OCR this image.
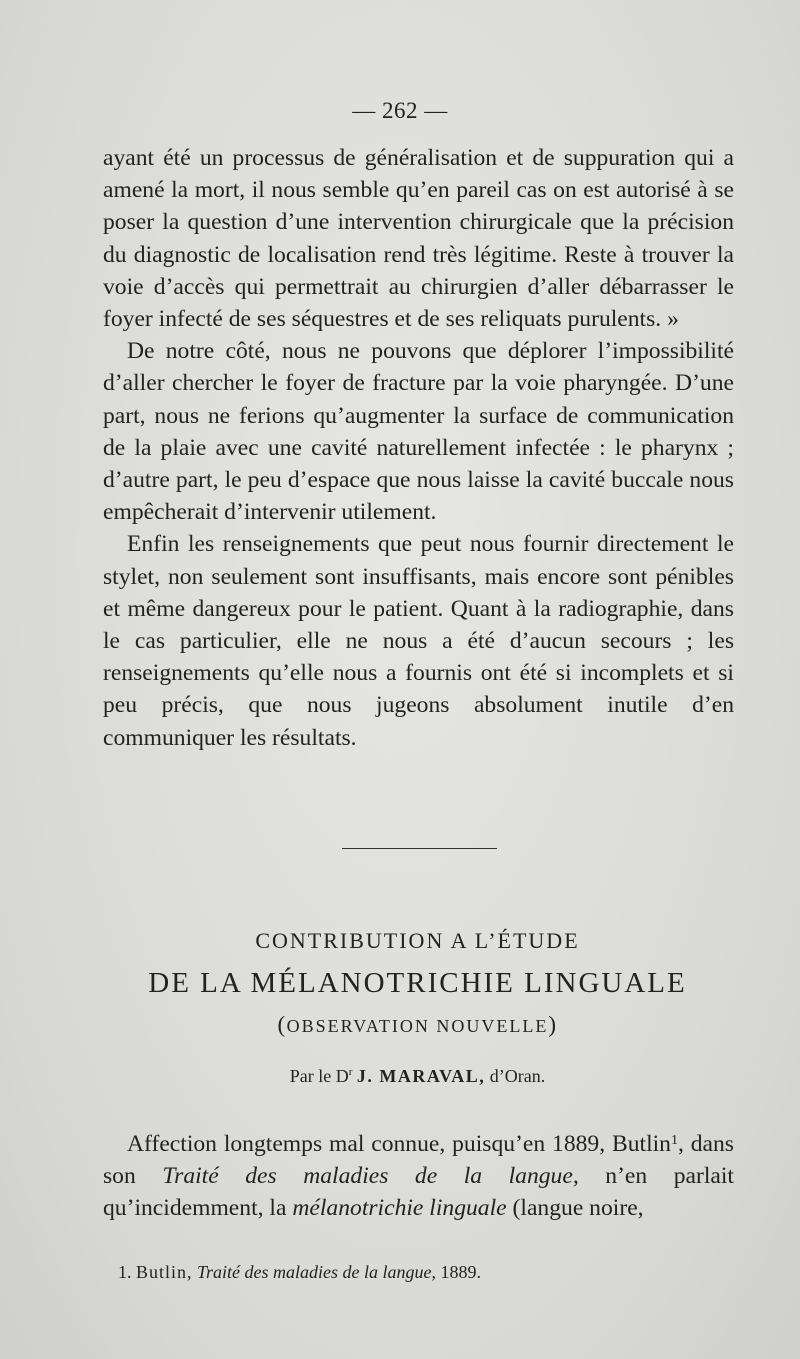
— 262 —

ayant été un processus de généralisation et de suppuration qui a amené la mort, il nous semble qu’en pareil cas on est autorisé à se poser la question d’une intervention chirurgicale que la précision du diagnostic de localisation rend très légitime. Reste à trouver la voie d’accès qui permettrait au chirurgien d’aller débarrasser le foyer infecté de ses séquestres et de ses reliquats purulents. »

De notre côté, nous ne pouvons que déplorer l’impossibilité d’aller chercher le foyer de fracture par la voie pharyngée. D’une part, nous ne ferions qu’augmenter la surface de communication de la plaie avec une cavité naturellement infectée : le pharynx ; d’autre part, le peu d’espace que nous laisse la cavité buccale nous empêcherait d’intervenir utilement.

Enfin les renseignements que peut nous fournir directement le stylet, non seulement sont insuffisants, mais encore sont pénibles et même dangereux pour le patient. Quant à la radiographie, dans le cas particulier, elle ne nous a été d’aucun secours ; les renseignements qu’elle nous a fournis ont été si incomplets et si peu précis, que nous jugeons absolument inutile d’en communiquer les résultats.

CONTRIBUTION A L’ÉTUDE
DE LA MÉLANOTRICHIE LINGUALE
(OBSERVATION NOUVELLE)
Par le $D^r$ J. MARAVAL, d’Oran.

Affection longtemps mal connue, puisqu’en 1889, Butlin$^1$, dans son Traité des maladies de la langue, n’en parlait qu’incidemment, la mélanotrichie linguale (langue noire,

1. Butlin, Traité des maladies de la langue, 1889.
